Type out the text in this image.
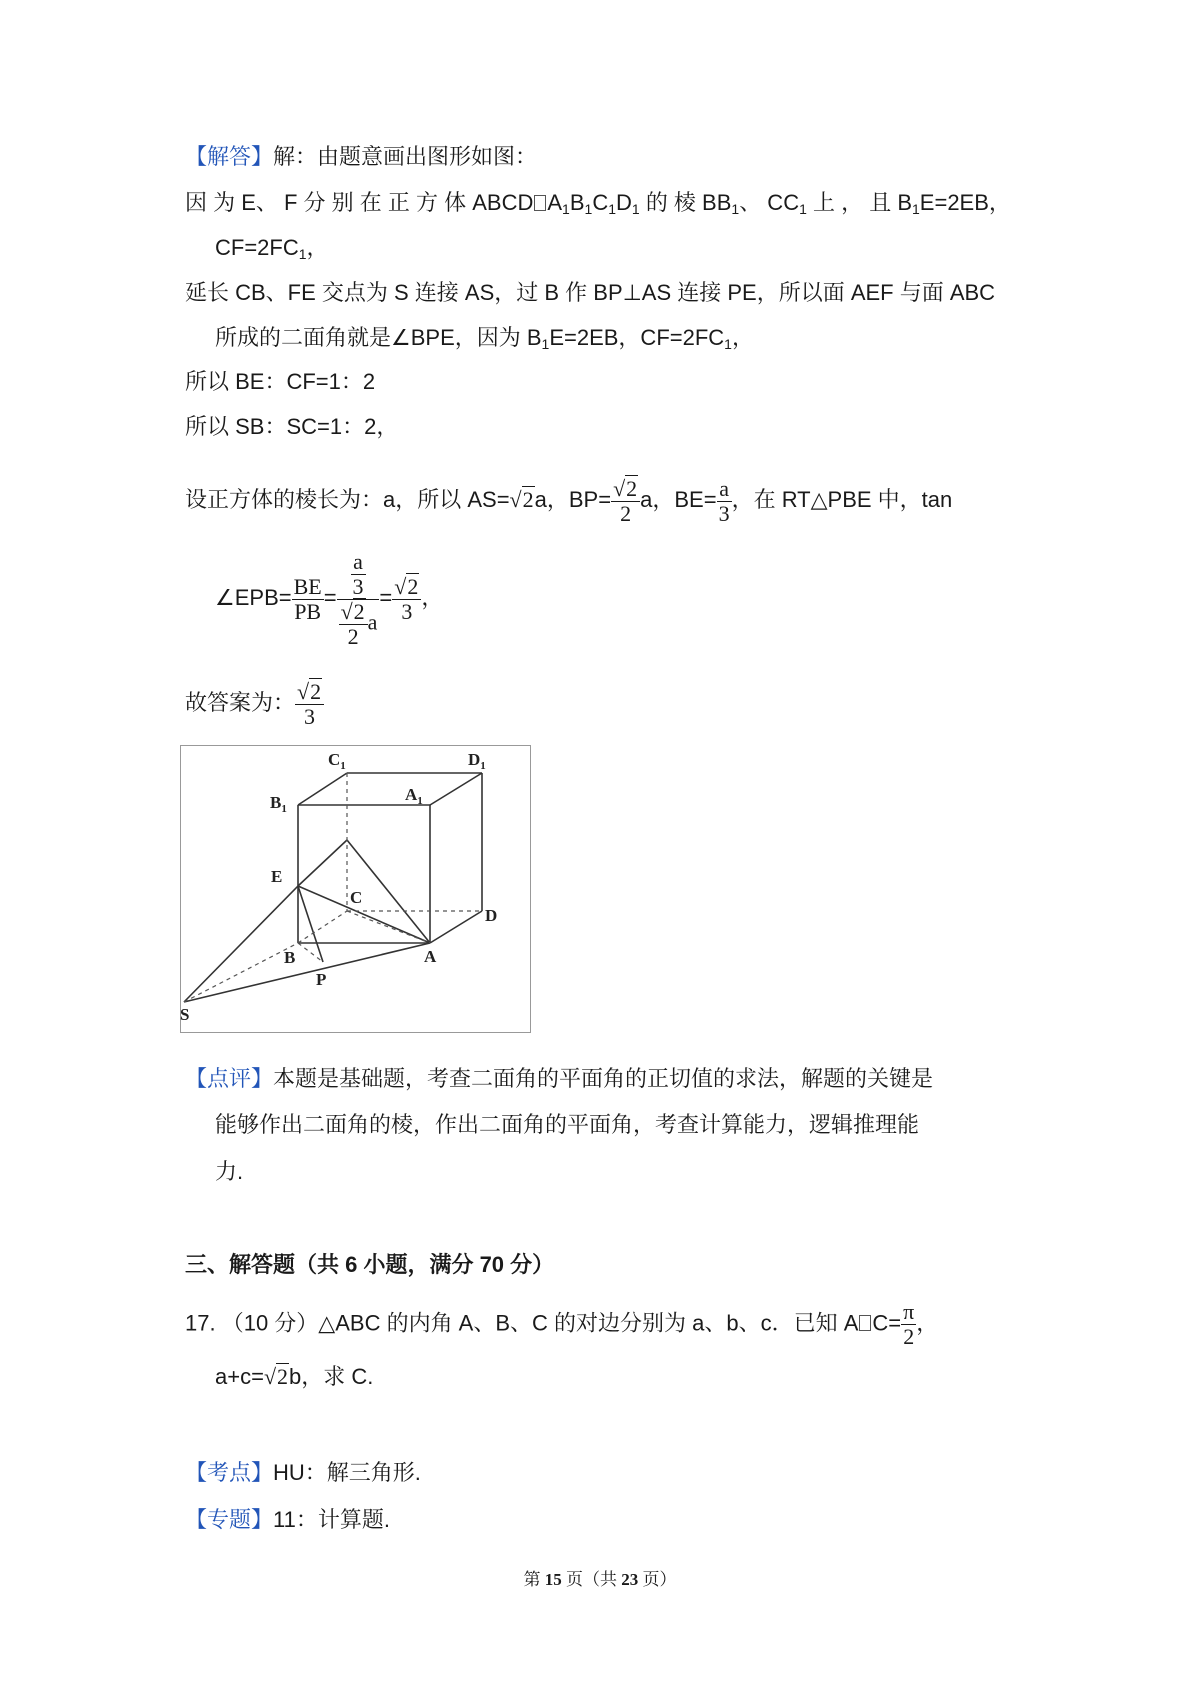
【解答】解：由题意画出图形如图：
因 为 E、 F 分 别 在 正 方 体 ABCD $A_1B_1C_1D_1$ 的 棱 $BB_1$、 $CC_1$ 上 ， 且 $B_1E=2EB$，
$CF=2FC_1$，
延长 CB、FE 交点为 S 连接 AS，过 B 作 BP⊥AS 连接 PE，所以面 AEF 与面 ABC
所成的二面角就是∠BPE，因为 $B_1E=2EB$，$CF=2FC_1$，
所以 BE：CF=1：2
所以 SB：SC=1：2，
设正方体的棱长为：a，所以 AS=√2a，$BP= \frac{√2}{2}$ a，$BE= \frac{a}{3}$ ，在 RT△PBE 中，tan
∠EPB= $\frac{BE}{PB} = \frac{\frac{a}{3}}{\frac{√2}{2} a} = \frac{√2}{3}$ ，
故答案为： $\frac{√2}{3}$
$C_1$	$D_1$
$B_1$
$A_1$
E
C
D
B	A
P
S
【点评】本题是基础题，考查二面角的平面角的正切值的求法，解题的关键是
能够作出二面角的棱，作出二面角的平面角，考查计算能力，逻辑推理能
力.
三、解答题（共 6 小题，满分 70 分）
17. （10 分）△ABC 的内角 A、B、C 的对边分别为 a、b、c．已知 A $C= \frac{\pi}{2}$ ，
a+c=√2b，求 C.
【考点】HU：解三角形.
【专题】11：计算题.
第 15 页（共 23 页）
